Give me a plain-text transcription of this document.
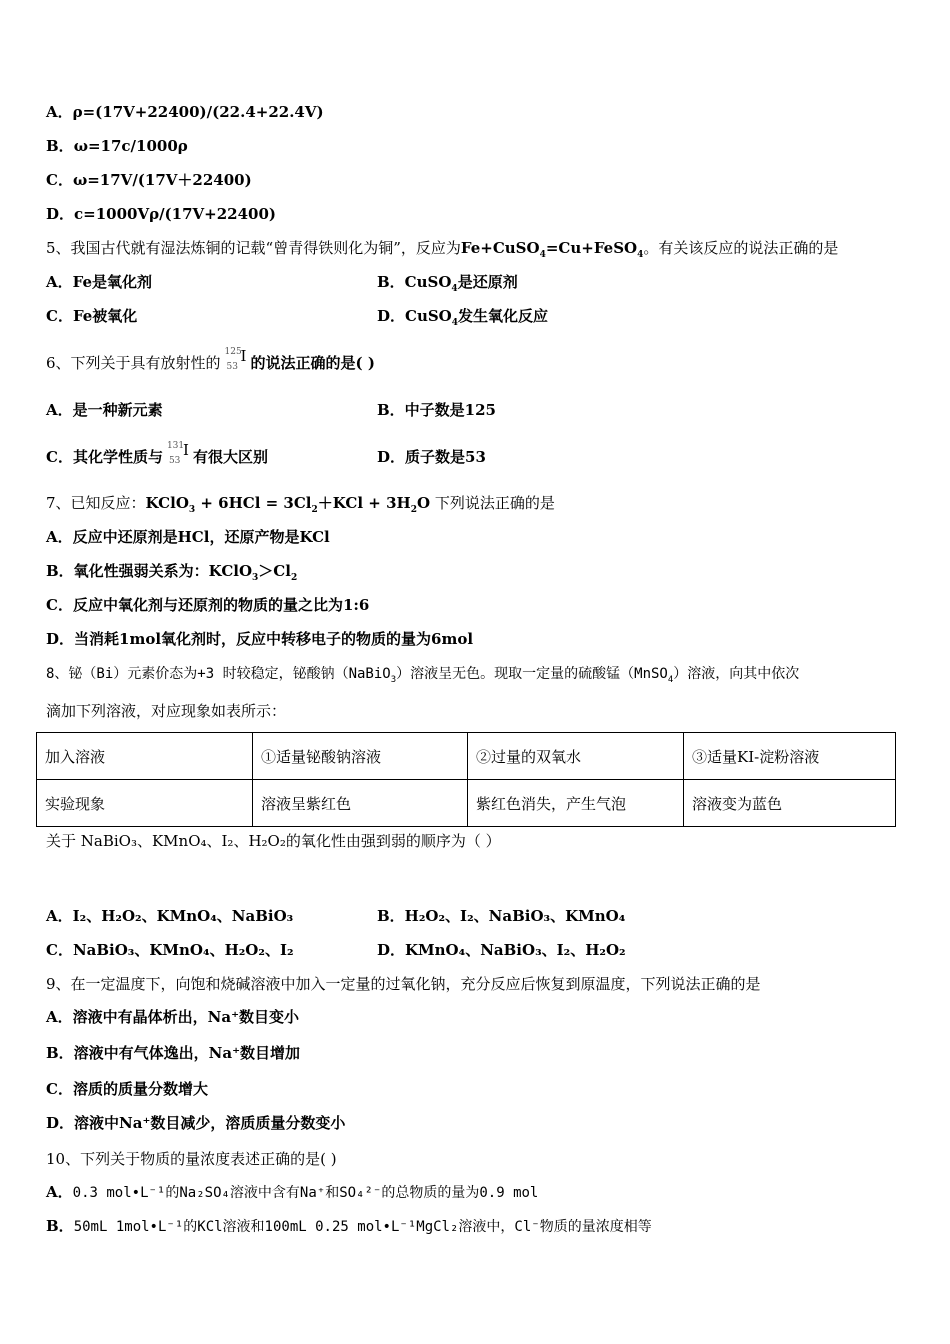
A．ρ=(17V+22400)/(22.4+22.4V)
B．ω=17c/1000ρ
C．ω=17V/(17V＋22400)
D．c=1000Vρ/(17V+22400)
5、我国古代就有湿法炼铜的记载“曾青得铁则化为铜”，反应为Fe+CuSO$_4$=Cu+FeSO$_4$。有关该反应的说法正确的是
A．Fe是氧化剂	B．CuSO$_4$是还原剂
C．Fe被氧化	D．CuSO$_4$发生氧化反应
6、下列关于具有放射性的
125
53
I 的说法正确的是( )
A．是一种新元素	B．中子数是125
C．其化学性质与
131
53
I 有很大区别	D．质子数是53
7、已知反应：KClO$_3$ + $6HCl = 3Cl_2+KCl + 3H_2O$ 下列说法正确的是
A．反应中还原剂是HCl，还原产物是KCl
B．氧化性强弱关系为：$KClO_3>Cl_2$
C．反应中氧化剂与还原剂的物质的量之比为1:6
D．当消耗1mol氧化剂时，反应中转移电子的物质的量为6mol
8、铋（Bi）元素价态为+3 时较稳定，铋酸钠（NaBiO$_3$）溶液呈无色。现取一定量的硫酸锰（MnSO$_4$）溶液，向其中依次
滴加下列溶液，对应现象如表所示：
加入溶液	①适量铋酸钠溶液	②过量的双氧水	③适量KI-淀粉溶液
实验现象	溶液呈紫红色	紫红色消失，产生气泡	溶液变为蓝色
关于 NaBiO₃、KMnO₄、I₂、H₂O₂的氧化性由强到弱的顺序为（ ）
A．I₂、H₂O₂、KMnO₄、NaBiO₃	B．H₂O₂、I₂、NaBiO₃、KMnO₄
C．NaBiO₃、KMnO₄、H₂O₂、I₂	D．KMnO₄、NaBiO₃、I₂、H₂O₂
9、在一定温度下，向饱和烧碱溶液中加入一定量的过氧化钠，充分反应后恢复到原温度，下列说法正确的是
A．溶液中有晶体析出，Na⁺数目变小
B．溶液中有气体逸出，Na⁺数目增加
C．溶质的质量分数增大
D．溶液中Na⁺数目减少，溶质质量分数变小
10、下列关于物质的量浓度表述正确的是( )
A．0.3 mol•L⁻¹的Na₂SO₄溶液中含有Na⁺和SO₄²⁻的总物质的量为0.9 mol
B．50mL 1mol•L⁻¹的KCl溶液和100mL 0.25 mol•L⁻¹MgCl₂溶液中，Cl⁻物质的量浓度相等
